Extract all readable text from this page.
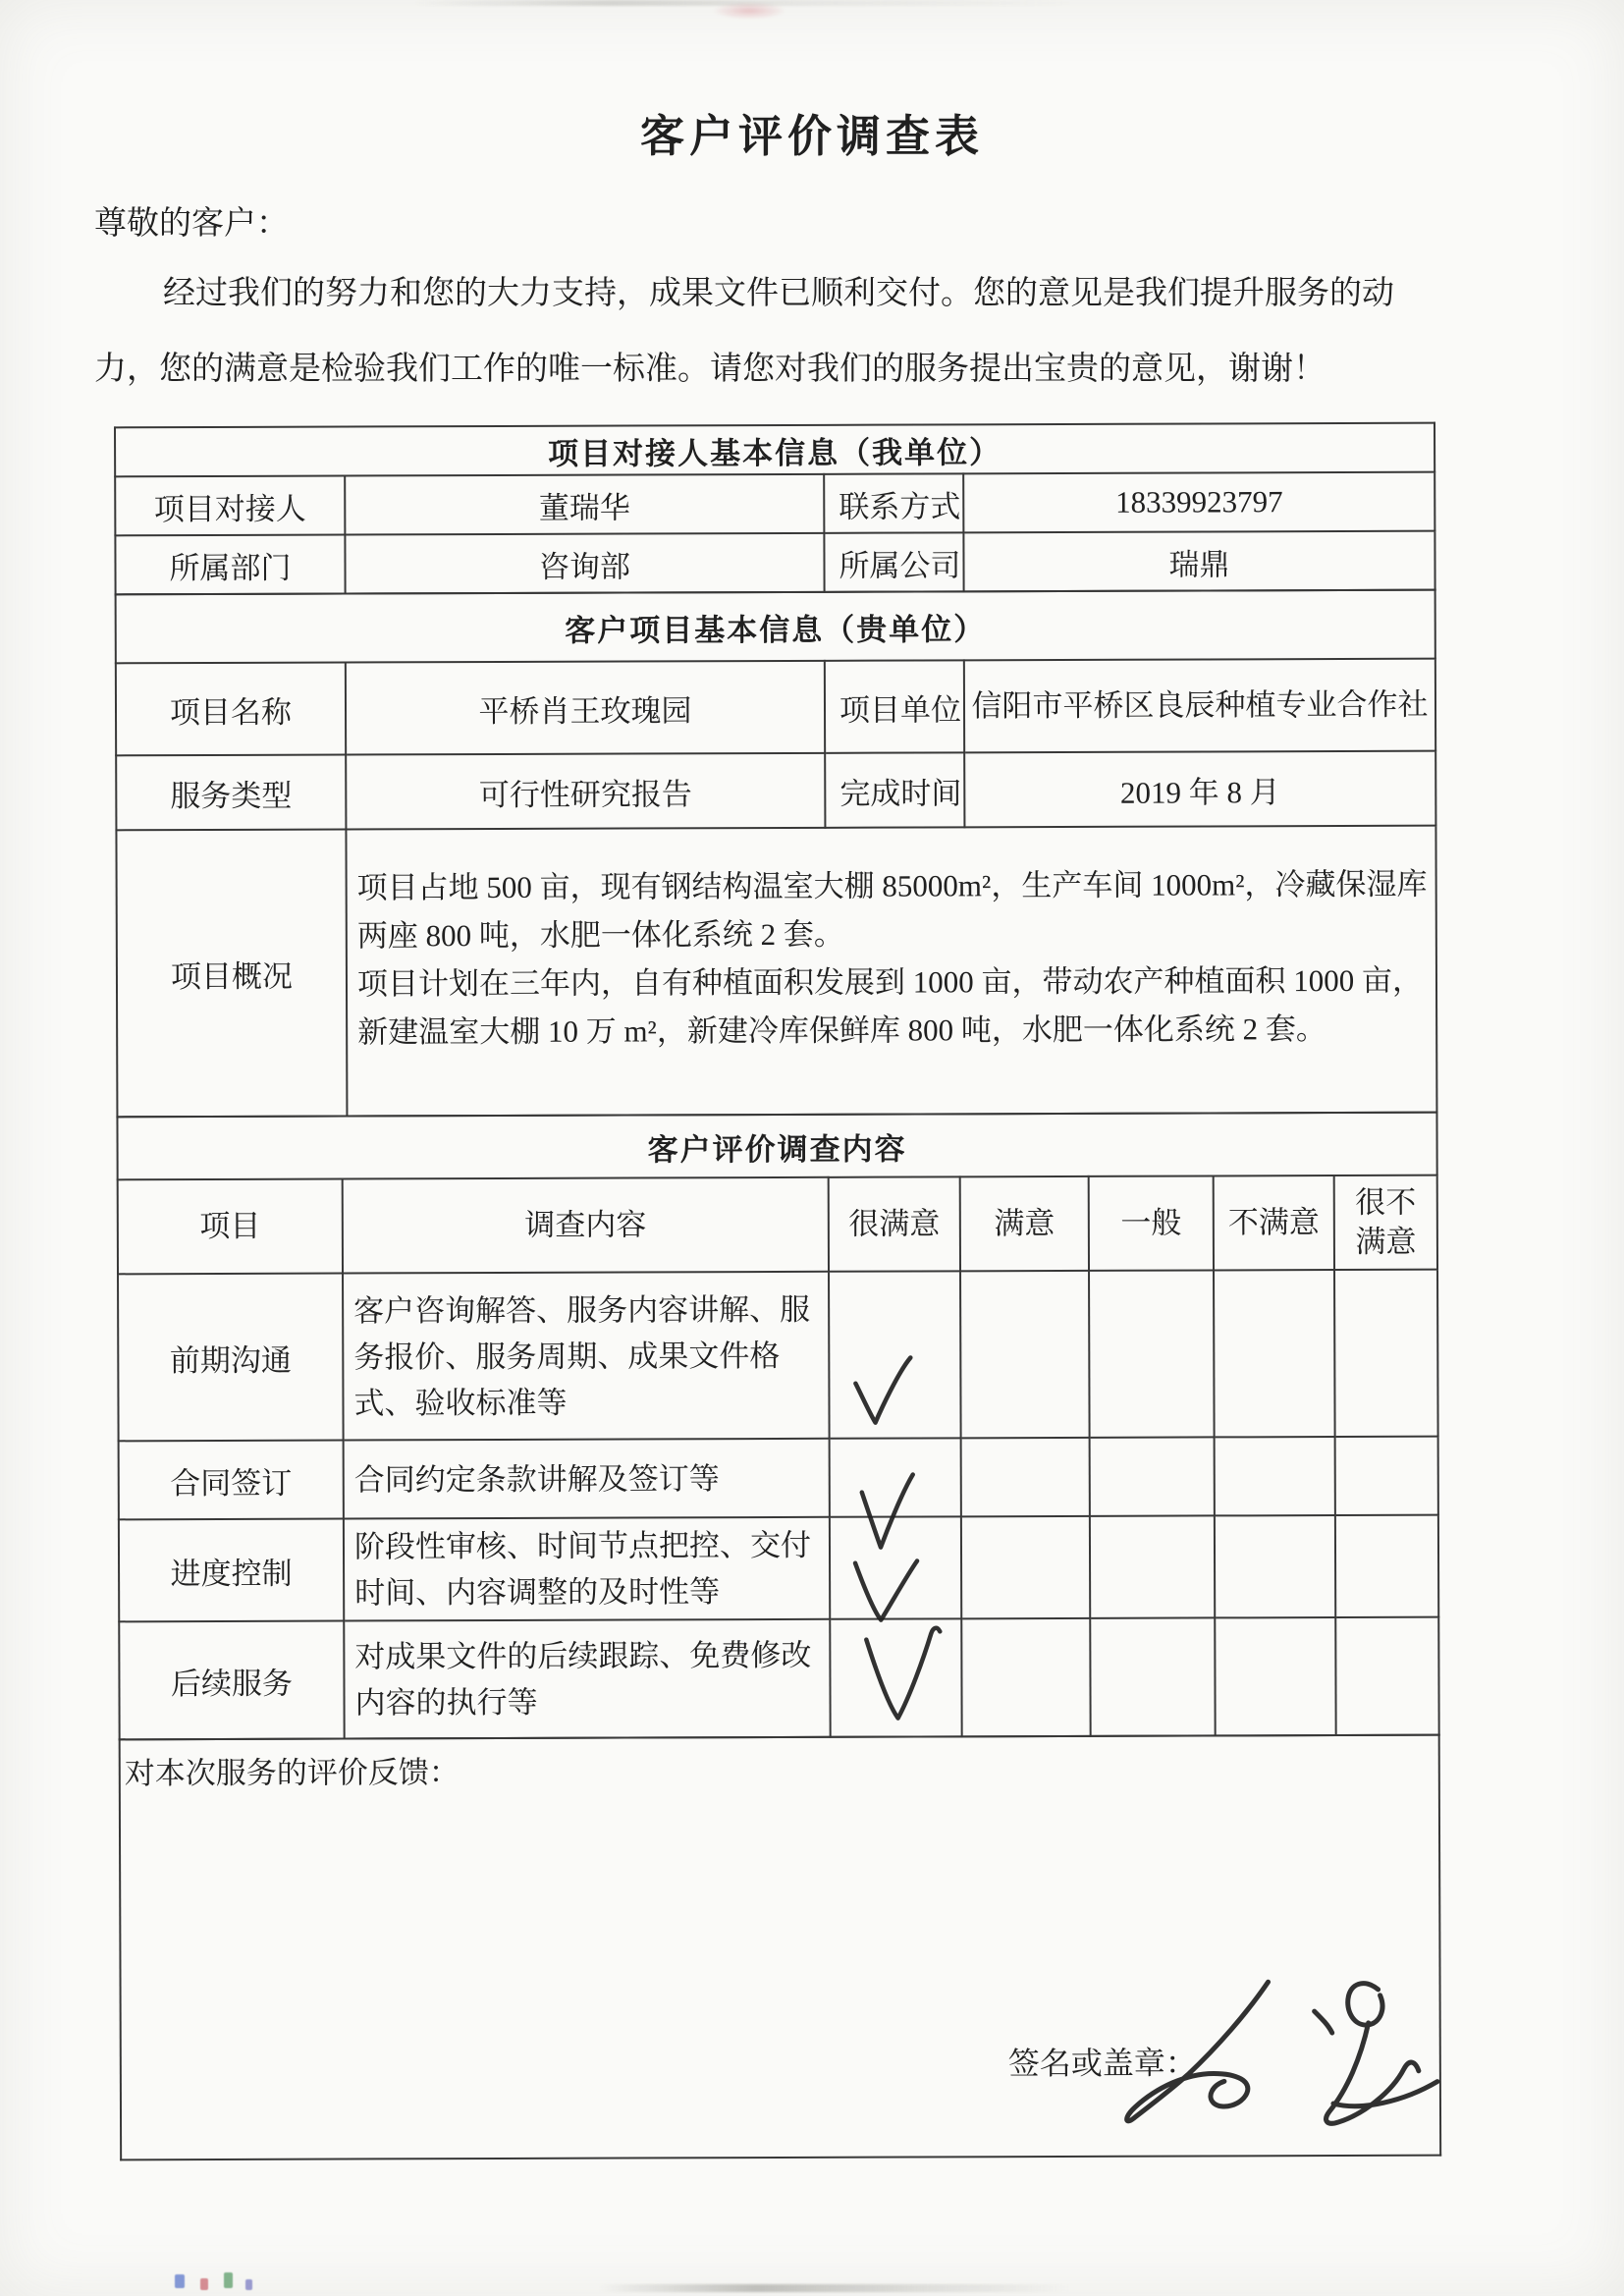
客户评价调查表
尊敬的客户：
经过我们的努力和您的大力支持，成果文件已顺利交付。您的意见是我们提升服务的动
力，您的满意是检验我们工作的唯一标准。请您对我们的服务提出宝贵的意见，谢谢！
项目对接人基本信息（我单位）			
项目对接人	董瑞华	联系方式	18339923797
所属部门	咨询部	所属公司	瑞鼎
客户项目基本信息（贵单位）			
项目名称	平桥肖王玫瑰园	项目单位	信阳市平桥区良辰种植专业合作社
服务类型	可行性研究报告	完成时间	2019 年 8 月
项目概况	项目占地 500 亩，现有钢结构温室大棚 85000m²，生产车间 1000m²，冷藏保湿库两座 800 吨，水肥一体化系统 2 套。
项目计划在三年内，自有种植面积发展到 1000 亩，带动农产种植面积 1000 亩，新建温室大棚 10 万 m²，新建冷库保鲜库 800 吨，水肥一体化系统 2 套。		
客户评价调查内容						
项目	调查内容	很满意	满意	一般	不满意	很不满意
前期沟通	客户咨询解答、服务内容讲解、服务报价、服务周期、成果文件格式、验收标准等					
合同签订	合同约定条款讲解及签订等					
进度控制	阶段性审核、时间节点把控、交付时间、内容调整的及时性等					
后续服务	对成果文件的后续跟踪、免费修改内容的执行等					
对本次服务的评价反馈：
签名或盖章：
